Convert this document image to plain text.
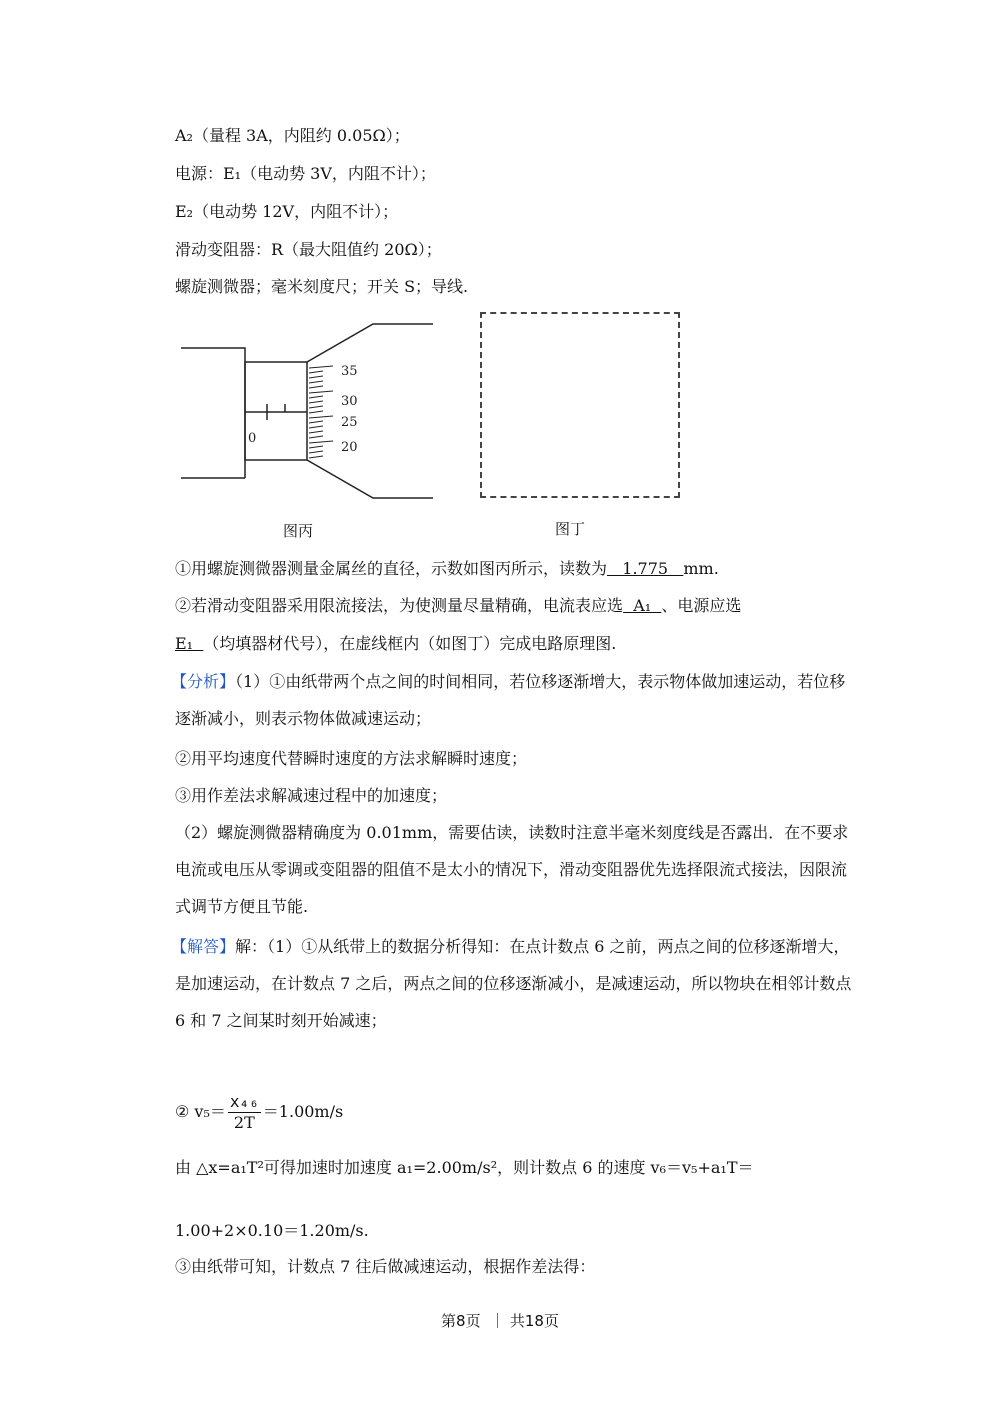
A₂（量程 3A，内阻约 0.05Ω）；
电源：E₁（电动势 3V，内阻不计）；
E₂（电动势 12V，内阻不计）；
滑动变阻器：R（最大阻值约 20Ω）；
螺旋测微器；毫米刻度尺；开关 S；导线.
0
35
30
25
20
图丙	图丁
①用螺旋测微器测量金属丝的直径，示数如图丙所示，读数为   1.775   mm.
②若滑动变阻器采用限流接法，为使测量尽量精确，电流表应选  A₁  、电源应选
E₁  （均填器材代号），在虚线框内（如图丁）完成电路原理图.
【分析】（1）①由纸带两个点之间的时间相同，若位移逐渐增大，表示物体做加速运动，若位移逐渐减小，则表示物体做减速运动；
②用平均速度代替瞬时速度的方法求解瞬时速度；
③用作差法求解减速过程中的加速度；
（2）螺旋测微器精确度为 0.01mm，需要估读，读数时注意半毫米刻度线是否露出．在不要求电流或电压从零调或变阻器的阻值不是太小的情况下，滑动变阻器优先选择限流式接法，因限流式调节方便且节能.
【解答】解：（1）①从纸带上的数据分析得知：在点计数点 6 之前，两点之间的位移逐渐增大，是加速运动，在计数点 7 之后，两点之间的位移逐渐减小，是减速运动，所以物块在相邻计数点 6 和 7 之间某时刻开始减速；
② $v_5= \frac{\text{x₄₆}}{2T} =1.00m/s$
由 △x=a₁T²可得加速时加速度 a₁=2.00m/s²，则计数点 6 的速度 v₆＝v₅+a₁T＝
1.00+2×0.10＝1.20m/s.
③由纸带可知，计数点 7 往后做减速运动，根据作差法得：
第8页  ｜ 共18页
